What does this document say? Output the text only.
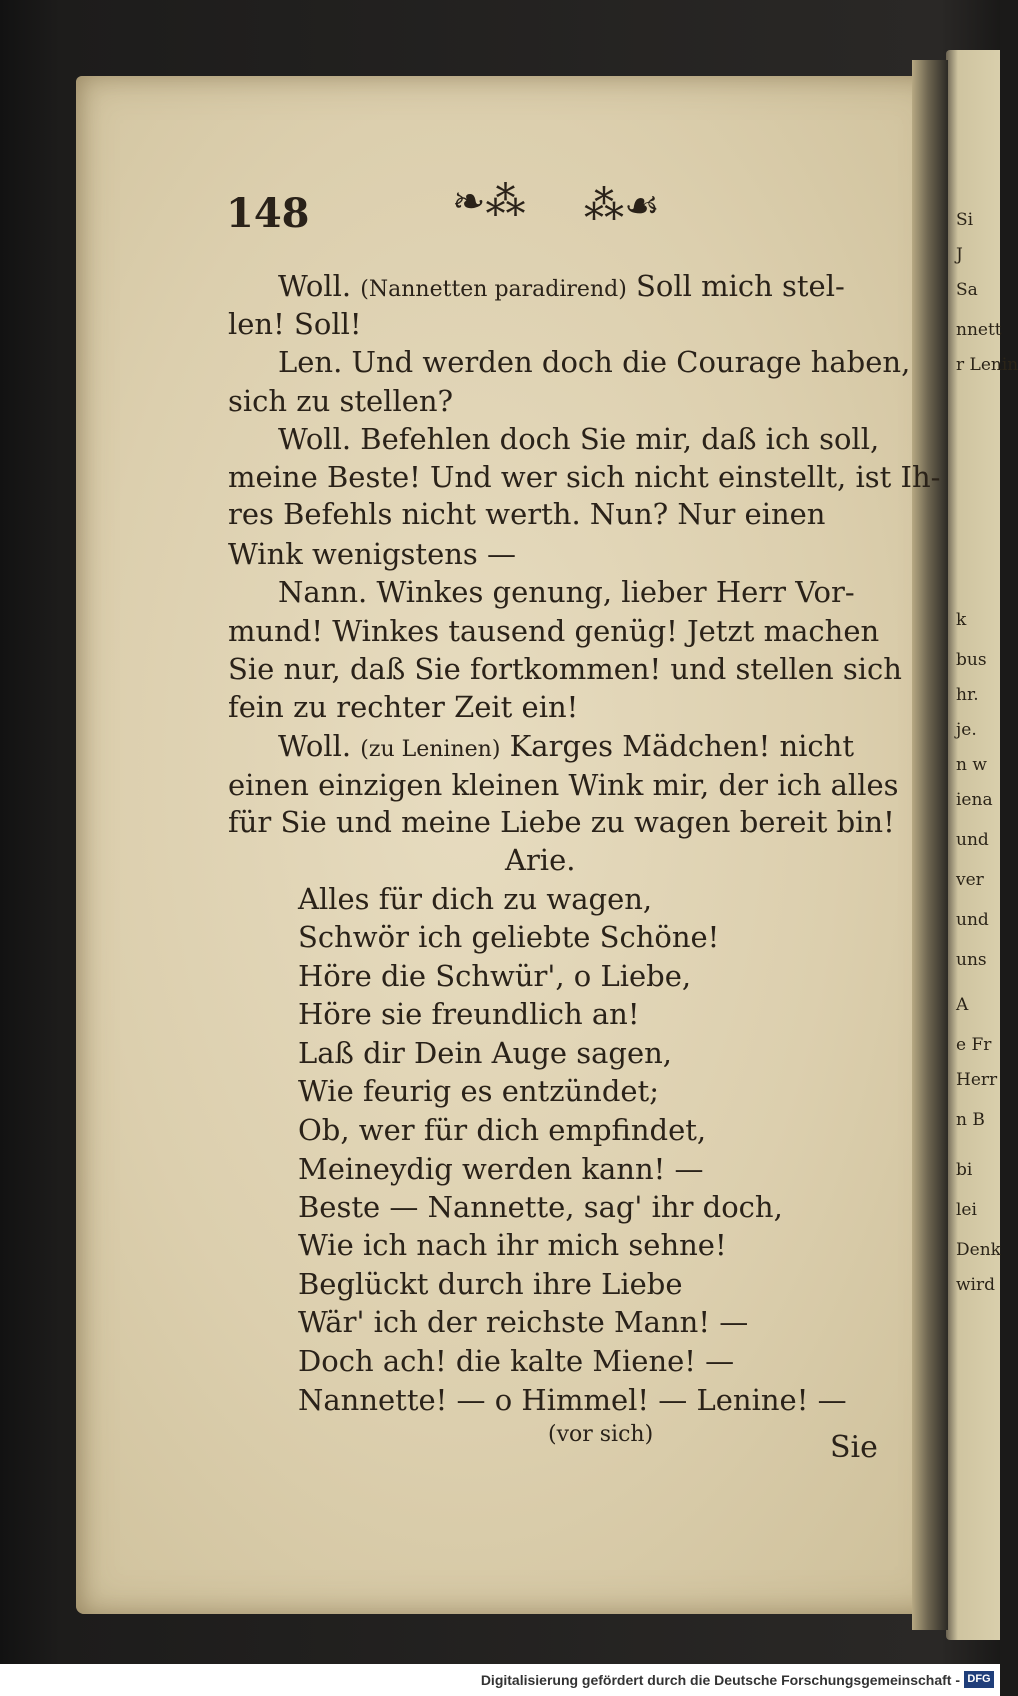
Si
J
Sa
nnett
r Lenin
k
bus
hr.
je.
n w
iena
und
ver
und
uns
A
e Fr
Herr
n B
bi
lei
Denk
wird
148	❧⁂ ⁂☙
Woll. (Nannetten paradirend) Soll mich stel-
len! Soll!
Len. Und werden doch die Courage haben,
sich zu stellen?
Woll. Befehlen doch Sie mir, daß ich soll,
meine Beste! Und wer sich nicht einstellt, ist Ih-
res Befehls nicht werth. Nun? Nur einen
Wink wenigstens —
Nann. Winkes genung, lieber Herr Vor-
mund! Winkes tausend genüg! Jetzt machen
Sie nur, daß Sie fortkommen! und stellen sich
fein zu rechter Zeit ein!
Woll. (zu Leninen) Karges Mädchen! nicht
einen einzigen kleinen Wink mir, der ich alles
für Sie und meine Liebe zu wagen bereit bin!
Arie.
Alles für dich zu wagen,
Schwör ich geliebte Schöne!
Höre die Schwür', o Liebe,
Höre sie freundlich an!
Laß dir Dein Auge sagen,
Wie feurig es entzündet;
Ob, wer für dich empfindet,
Meineydig werden kann! —
Beste — Nannette, sag' ihr doch,
Wie ich nach ihr mich sehne!
Beglückt durch ihre Liebe
Wär' ich der reichste Mann! —
Doch ach! die kalte Miene! —
Nannette! — o Himmel! — Lenine! —
(vor sich)	Sie
Digitalisierung gefördert durch die Deutsche Forschungsgemeinschaft - DFG
